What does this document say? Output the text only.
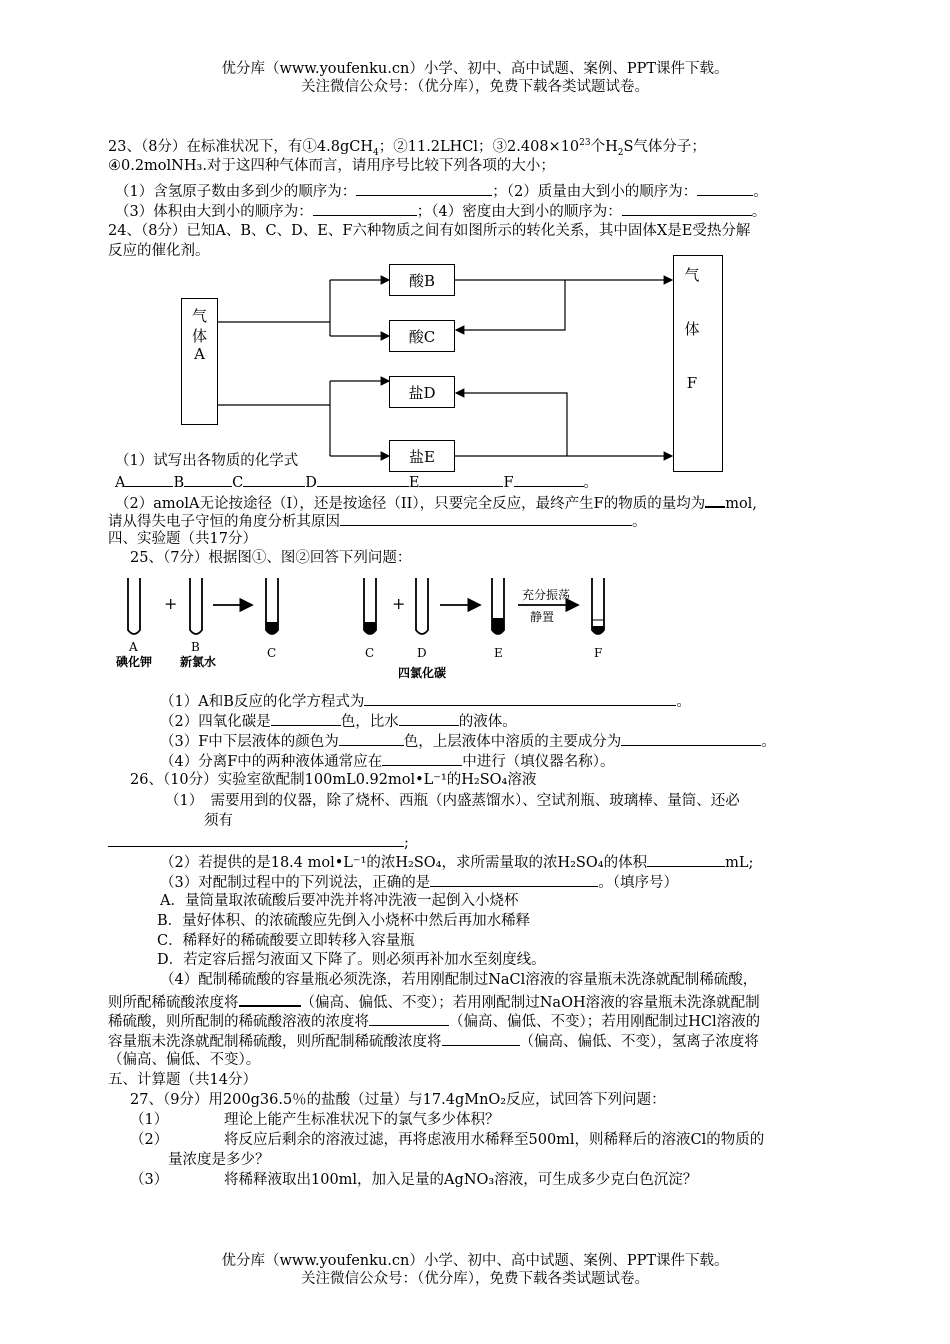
优分库（www.youfenku.cn）小学、初中、高中试题、案例、PPT课件下载。
关注微信公众号：（优分库），免费下载各类试题试卷。
23、（8分）在标准状况下，有①4.8gCH$_4$；②11.2LHCl；$③2.408\times 10^{23}$个$H_2S$气体分子；
④0.2molNH₃.对于这四种气体而言，请用序号比较下列各项的大小；
（1）含氢原子数由多到少的顺序为：	；（2）质量由大到小的顺序为：	。
（3）体积由大到小的顺序为：	；（4）密度由大到小的顺序为：	。
24、（8分）已知A、B、C、D、E、F六种物质之间有如图所示的转化关系，其中固体X是E受热分解
反应的催化剂。
气
体
A
酸B
酸C
盐D
盐E
气
体
F
（1）试写出各物质的化学式
A	B	C	D	E	F	。
（2）amolA无论按途径（I），还是按途径（II），只要完全反应，最终产生F的物质的量均为 mol,
请从得失电子守恒的角度分析其原因	。
四、实验题（共17分）
25、（7分）根据图①、图②回答下列问题：
+	+	充分振荡
静置
A
碘化钾
B
新氯水
C	C	D
四氯化碳
E	F
（1）A和B反应的化学方程式为	。
（2）四氧化碳是	色，比水	的液体。
（3）F中下层液体的颜色为	色，上层液体中溶质的主要成分为	。
（4）分离F中的两种液体通常应在	中进行（填仪器名称）。
26、（10分）实验室欲配制100mL0.92mol•L⁻¹的H₂SO₄溶液
（1）　需要用到的仪器，除了烧杯、西瓶（内盛蒸馏水）、空试剂瓶、玻璃棒、量筒、还必
须有
;
（2）若提供的是18.4 mol•L⁻¹的浓H₂SO₄，求所需量取的浓H₂SO₄的体积	mL;
（3）对配制过程中的下列说法，正确的是	。（填序号）
A．量筒量取浓硫酸后要冲洗并将冲洗液一起倒入小烧杯
B．量好体积、的浓硫酸应先倒入小烧杯中然后再加水稀释
C．稀释好的稀硫酸要立即转移入容量瓶
D．若定容后摇匀液面又下降了。则必须再补加水至刻度线。
（4）配制稀硫酸的容量瓶必须洗涤，若用刚配制过NaCl溶液的容量瓶未洗涤就配制稀硫酸，
则所配稀硫酸浓度将	（偏高、偏低、不变）；若用刚配制过NaOH溶液的容量瓶未洗涤就配制
稀硫酸，则所配制的稀硫酸溶液的浓度将	（偏高、偏低、不变）；若用刚配制过HCl溶液的
容量瓶未洗涤就配制稀硫酸，则所配制稀硫酸浓度将	（偏高、偏低、不变），氢离子浓度将
（偏高、偏低、不变）。
五、计算题（共14分）
27、（9分）用200g36.5％的盐酸（过量）与17.4gMnO₂反应，试回答下列问题：
（1）	理论上能产生标准状况下的氯气多少体积？
（2）	将反应后剩余的溶液过滤，再将虑液用水稀释至500ml，则稀释后的溶液Cl的物质的
量浓度是多少？
（3）	将稀释液取出100ml，加入足量的AgNO₃溶液，可生成多少克白色沉淀？
优分库（www.youfenku.cn）小学、初中、高中试题、案例、PPT课件下载。
关注微信公众号：（优分库），免费下载各类试题试卷。
